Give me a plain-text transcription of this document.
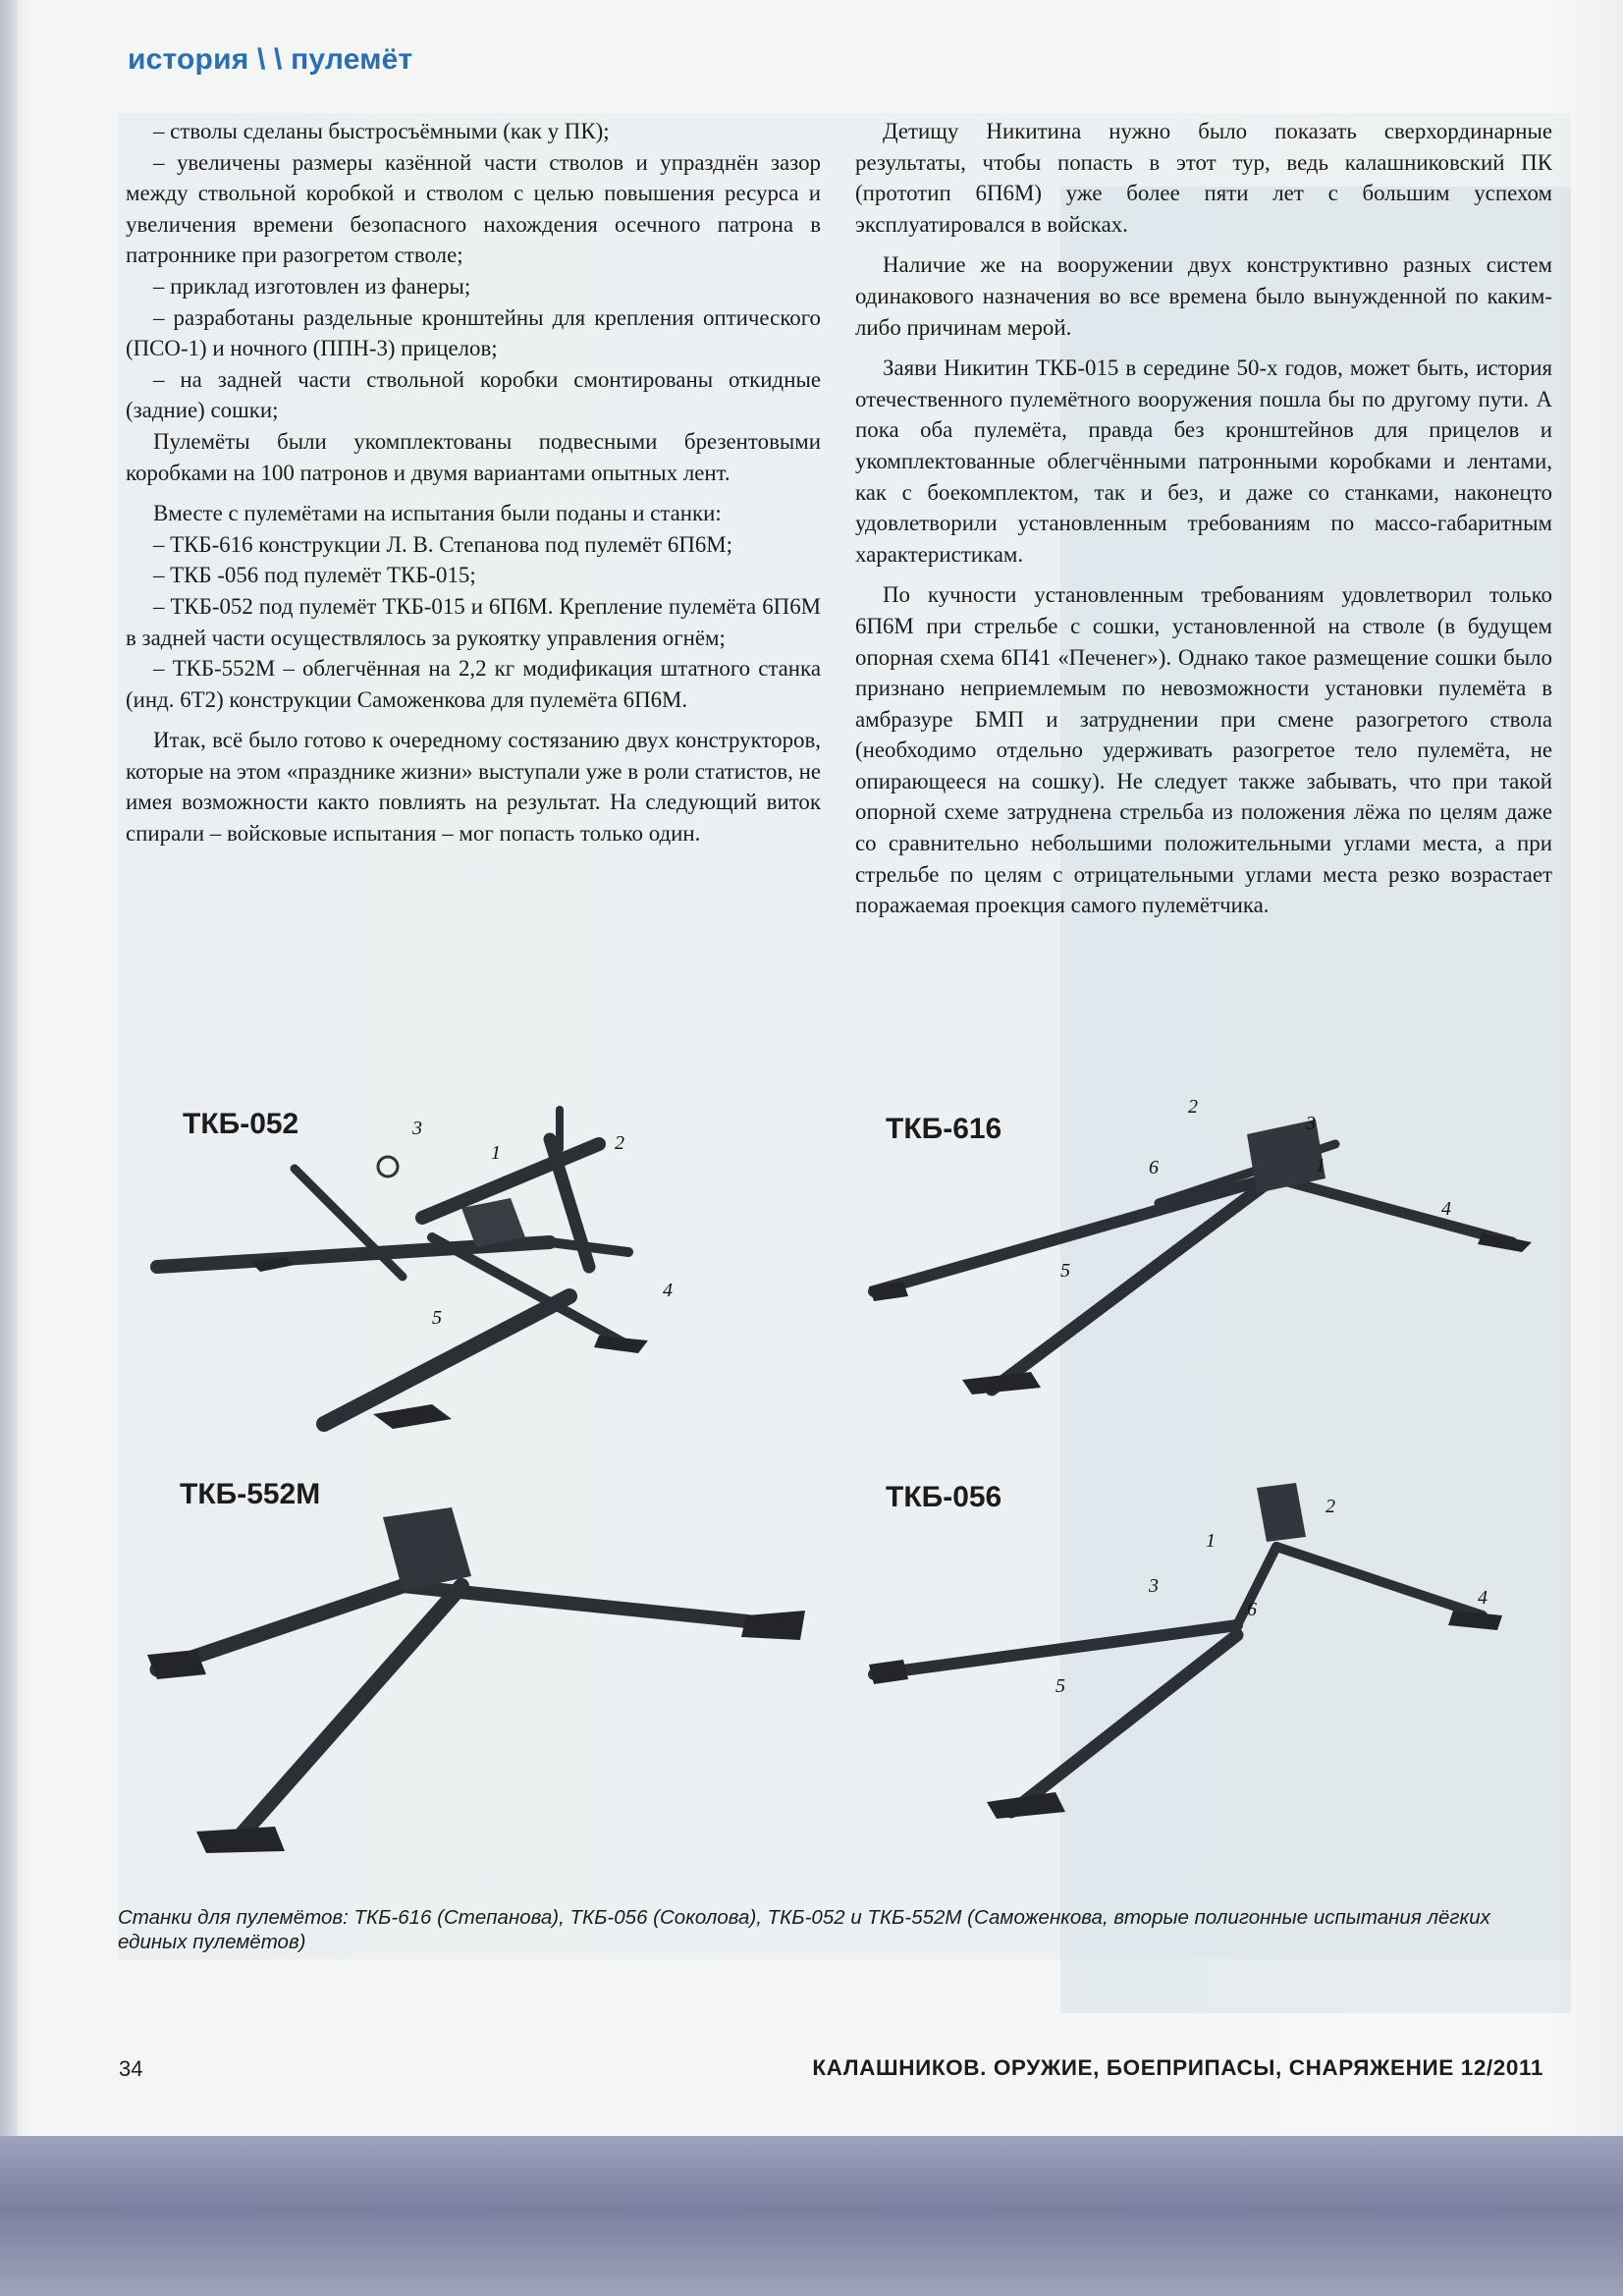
история \ \ пулемёт

– стволы сделаны быстросъёмными (как у ПК);

– увеличены размеры казённой части стволов и упразднён зазор между ствольной коробкой и стволом с целью повышения ресурса и увеличения времени безопасного нахождения осечного патрона в патроннике при разогретом стволе;

– приклад изготовлен из фанеры;

– разработаны раздельные кронштейны для крепления оптического (ПСО-1) и ночного (ППН-3) прицелов;

– на задней части ствольной коробки смонтированы откидные (задние) сошки;

Пулемёты были укомплектованы подвесными брезентовыми коробками на 100 патронов и двумя вариантами опытных лент.

Вместе с пулемётами на испытания были поданы и станки:

– ТКБ-616 конструкции Л. В. Степанова под пулемёт 6П6М;

– ТКБ -056 под пулемёт ТКБ-015;

– ТКБ-052 под пулемёт ТКБ-015 и 6П6М. Крепление пулемёта 6П6М в задней части осуществлялось за рукоятку управления огнём;

– ТКБ-552М – облегчённая на 2,2 кг модификация штатного станка (инд. 6Т2) конструкции Саможенкова для пулемёта 6П6М.

Итак, всё было готово к очередному состязанию двух конструкторов, которые на этом «празднике жизни» выступали уже в роли статистов, не имея возможности както повлиять на результат. На следующий виток спирали – войсковые испытания – мог попасть только один.

Детищу Никитина нужно было показать сверхординарные результаты, чтобы попасть в этот тур, ведь калашниковский ПК (прототип 6П6М) уже более пяти лет с большим успехом эксплуатировался в войсках.

Наличие же на вооружении двух конструктивно разных систем одинакового назначения во все времена было вынужденной по каким-либо причинам мерой.

Заяви Никитин ТКБ-015 в середине 50-х годов, может быть, история отечественного пулемётного вооружения пошла бы по другому пути. А пока оба пулемёта, правда без кронштейнов для прицелов и укомплектованные облегчёнными патронными коробками и лентами, как с боекомплектом, так и без, и даже со станками, наконецто удовлетворили установленным требованиям по массо-габаритным характеристикам.

По кучности установленным требованиям удовлетворил только 6П6М при стрельбе с сошки, установленной на стволе (в будущем опорная схема 6П41 «Печенег»). Однако такое размещение сошки было признано неприемлемым по невозможности установки пулемёта в амбразуре БМП и затруднении при смене разогретого ствола (необходимо отдельно удерживать разогретое тело пулемёта, не опирающееся на сошку). Не следует также забывать, что при такой опорной схеме затруднена стрельба из положения лёжа по целям даже со сравнительно небольшими положительными углами места, а при стрельбе по целям с отрицательными углами места резко возрастает поражаемая проекция самого пулемётчика.

ТКБ-052	ТКБ-616
ТКБ-552М	ТКБ-056
3
1	2
4
5
2
3
6	1
4
5
2
1
3
6
4
5
Станки для пулемётов: ТКБ-616 (Степанова), ТКБ-056 (Соколова), ТКБ-052 и ТКБ-552М (Саможенкова, вторые полигонные испытания лёгких единых пулемётов)
34	КАЛАШНИКОВ. ОРУЖИЕ, БОЕПРИПАСЫ, СНАРЯЖЕНИЕ 12/2011
